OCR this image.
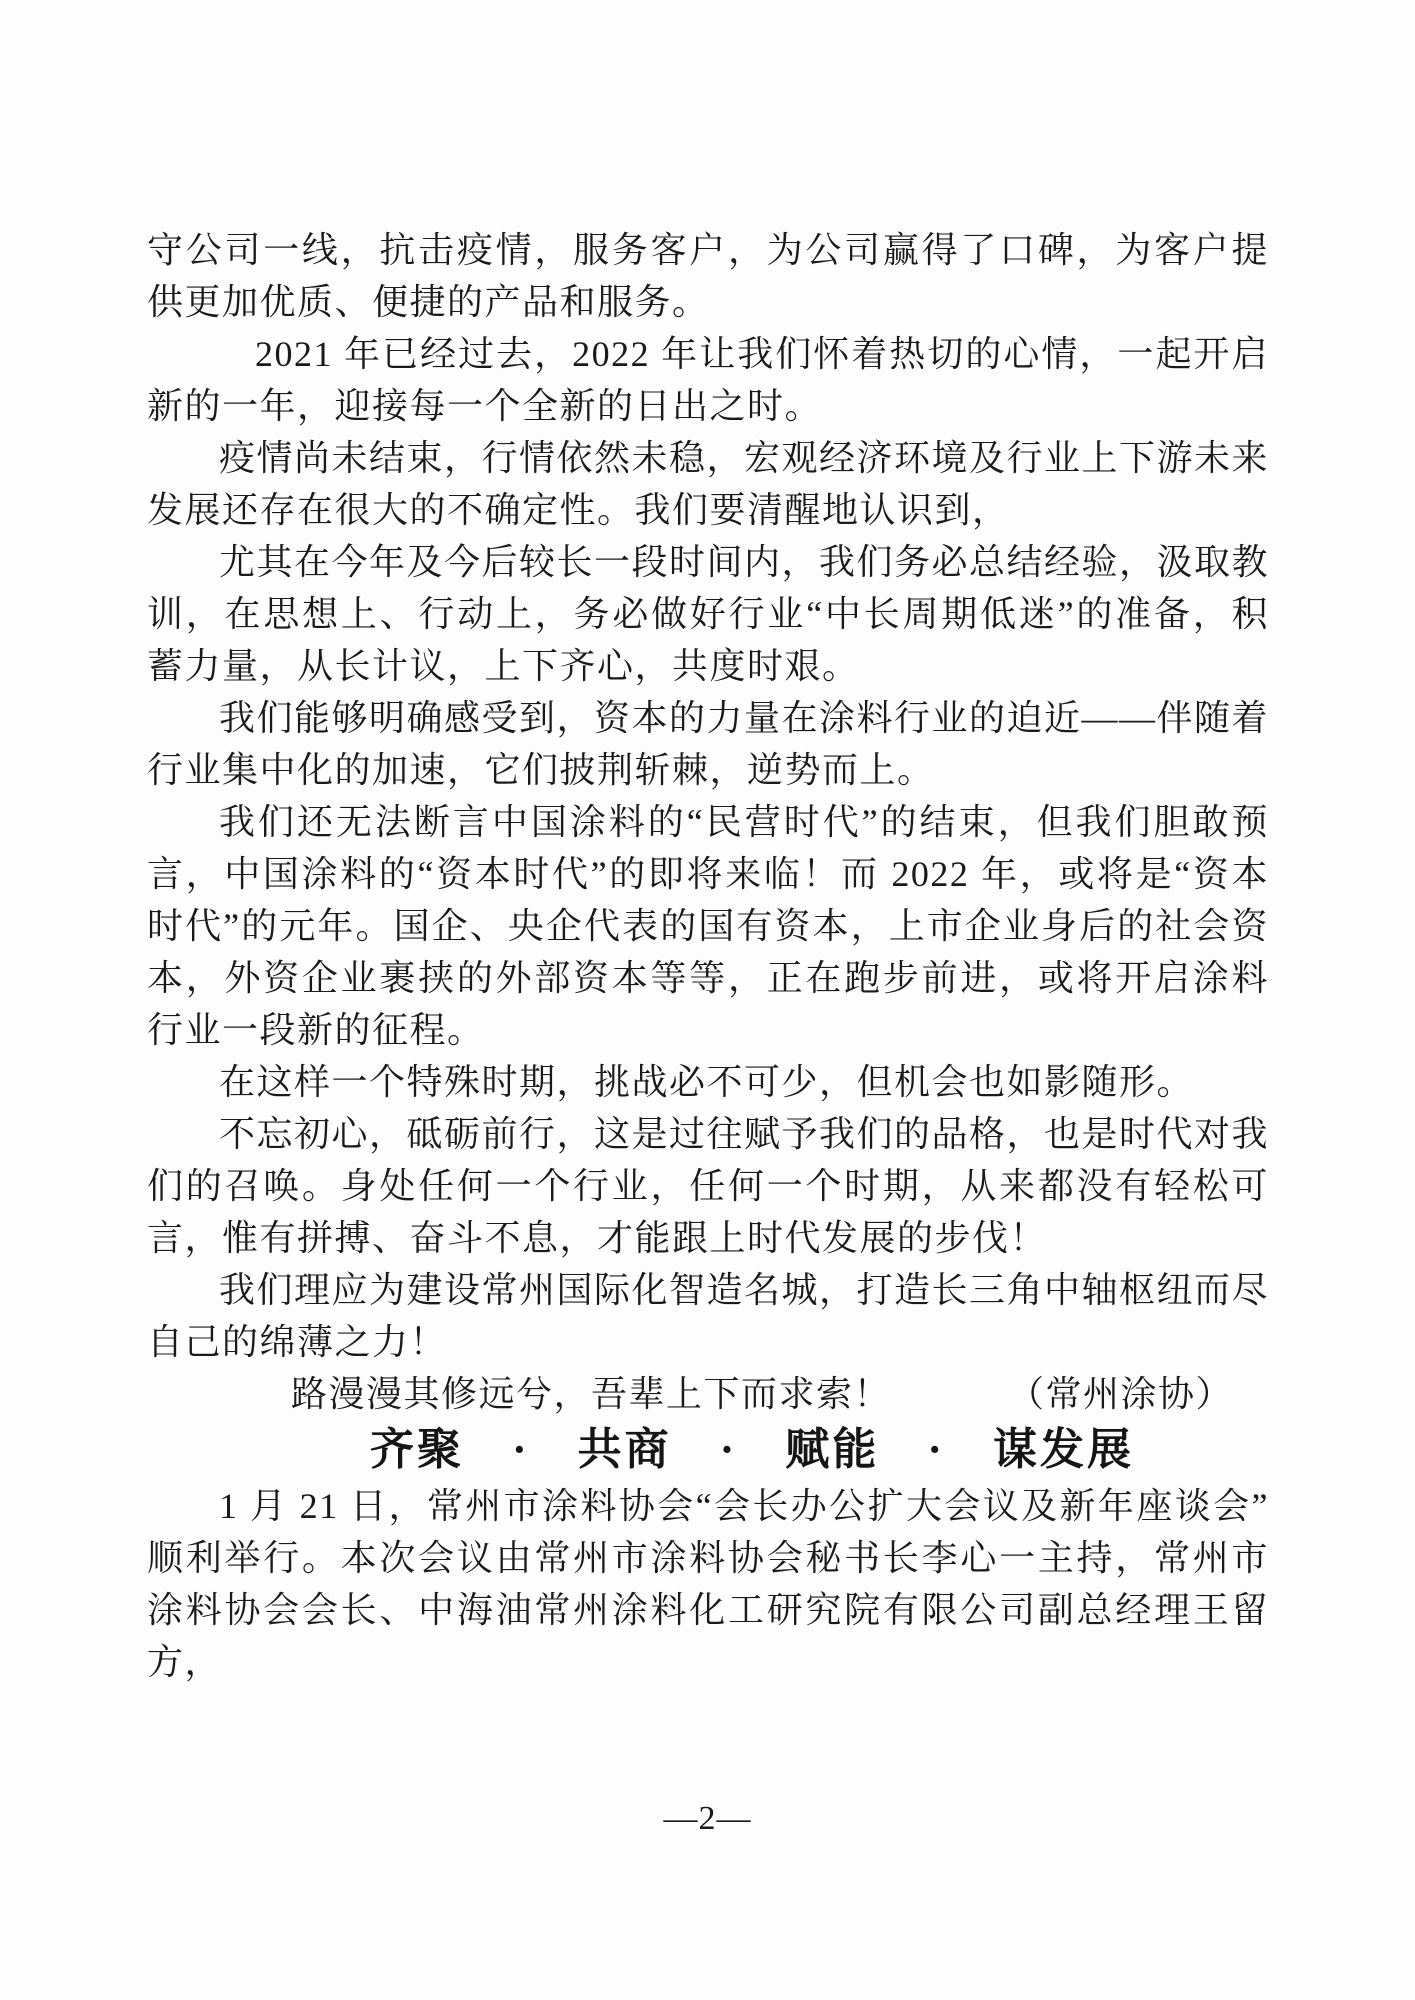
守公司一线，抗击疫情，服务客户，为公司赢得了口碑，为客户提供更加优质、便捷的产品和服务。

2021 年已经过去，2022 年让我们怀着热切的心情，一起开启新的一年，迎接每一个全新的日出之时。

疫情尚未结束，行情依然未稳，宏观经济环境及行业上下游未来发展还存在很大的不确定性。我们要清醒地认识到，

尤其在今年及今后较长一段时间内，我们务必总结经验，汲取教训，在思想上、行动上，务必做好行业“中长周期低迷”的准备，积蓄力量，从长计议，上下齐心，共度时艰。

我们能够明确感受到，资本的力量在涂料行业的迫近——伴随着行业集中化的加速，它们披荆斩棘，逆势而上。

我们还无法断言中国涂料的“民营时代”的结束，但我们胆敢预言，中国涂料的“资本时代”的即将来临！而 2022 年，或将是“资本时代”的元年。国企、央企代表的国有资本，上市企业身后的社会资本，外资企业裹挟的外部资本等等，正在跑步前进，或将开启涂料行业一段新的征程。

在这样一个特殊时期，挑战必不可少，但机会也如影随形。

不忘初心，砥砺前行，这是过往赋予我们的品格，也是时代对我们的召唤。身处任何一个行业，任何一个时期，从来都没有轻松可言，惟有拼搏、奋斗不息，才能跟上时代发展的步伐！

我们理应为建设常州国际化智造名城，打造长三角中轴枢纽而尽自己的绵薄之力！

路漫漫其修远兮，吾辈上下而求索！	（常州涂协）

齐聚 · 共商 · 赋能 · 谋发展

1 月 21 日，常州市涂料协会“会长办公扩大会议及新年座谈会”顺利举行。本次会议由常州市涂料协会秘书长李心一主持，常州市涂料协会会长、中海油常州涂料化工研究院有限公司副总经理王留方，

—2—
